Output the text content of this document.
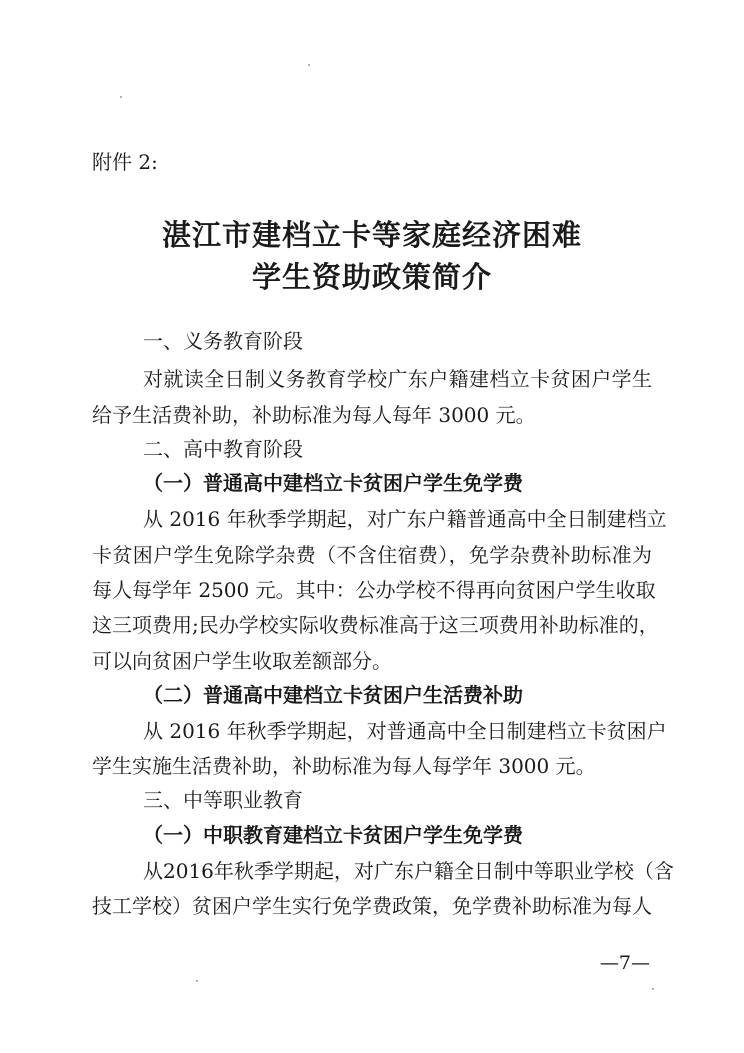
附件 2:
湛江市建档立卡等家庭经济困难
学生资助政策简介
一、义务教育阶段
对就读全日制义务教育学校广东户籍建档立卡贫困户学生
给予生活费补助，补助标准为每人每年 3000 元。
二、高中教育阶段
（一）普通高中建档立卡贫困户学生免学费
从 2016 年秋季学期起，对广东户籍普通高中全日制建档立
卡贫困户学生免除学杂费（不含住宿费），免学杂费补助标准为
每人每学年 2500 元。其中：公办学校不得再向贫困户学生收取
这三项费用;民办学校实际收费标准高于这三项费用补助标准的，
可以向贫困户学生收取差额部分。
（二）普通高中建档立卡贫困户生活费补助
从 2016 年秋季学期起，对普通高中全日制建档立卡贫困户
学生实施生活费补助，补助标准为每人每学年 3000 元。
三、中等职业教育
（一）中职教育建档立卡贫困户学生免学费
从2016年秋季学期起，对广东户籍全日制中等职业学校（含
技工学校）贫困户学生实行免学费政策，免学费补助标准为每人
—7—
